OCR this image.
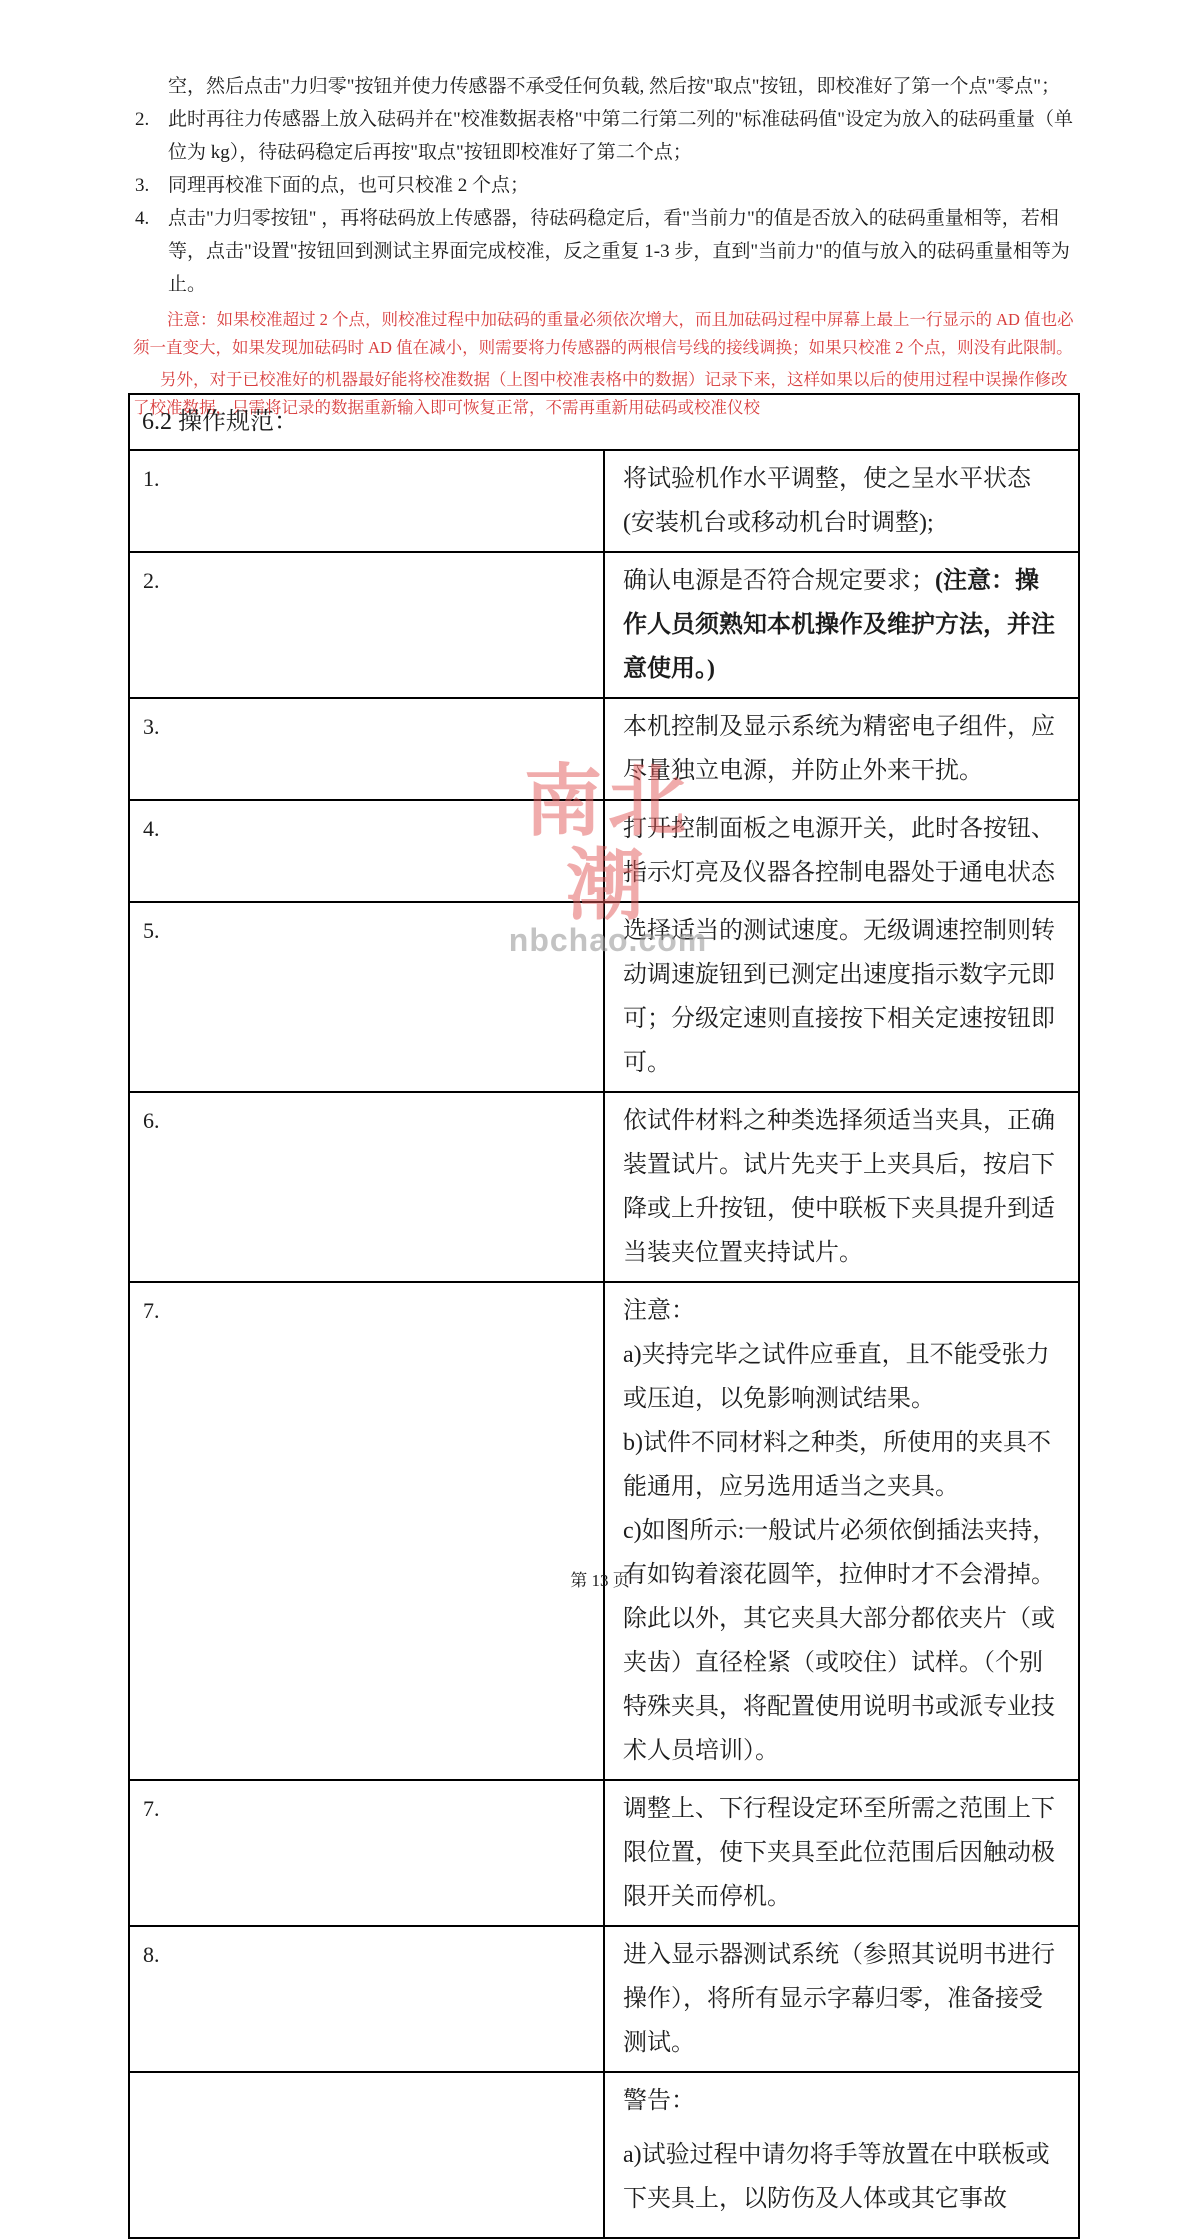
空，然后点击"力归零"按钮并使力传感器不承受任何负载, 然后按"取点"按钮，即校准好了第一个点"零点"；

2. 此时再往力传感器上放入砝码并在"校准数据表格"中第二行第二列的"标准砝码值"设定为放入的砝码重量（单位为 kg），待砝码稳定后再按"取点"按钮即校准好了第二个点；
3. 同理再校准下面的点，也可只校准 2 个点；
4. 点击"力归零按钮" ，再将砝码放上传感器，待砝码稳定后，看"当前力"的值是否放入的砝码重量相等，若相等，点击"设置"按钮回到测试主界面完成校准，反之重复 1-3 步，直到"当前力"的值与放入的砝码重量相等为止。

注意：如果校准超过 2 个点，则校准过程中加砝码的重量必须依次增大，而且加砝码过程中屏幕上最上一行显示的 AD 值也必须一直变大，如果发现加砝码时 AD 值在减小，则需要将力传感器的两根信号线的接线调换；如果只校准 2 个点，则没有此限制。

另外，对于已校准好的机器最好能将校准数据（上图中校准表格中的数据）记录下来，这样如果以后的使用过程中误操作修改了校准数据，只需将记录的数据重新输入即可恢复正常，不需再重新用砝码或校准仪校

6.2 操作规范：	
1.	将试验机作水平调整，使之呈水平状态(安装机台或移动机台时调整);

2.	确认电源是否符合规定要求；(注意：操作人员须熟知本机操作及维护方法，并注意使用。)

3.	本机控制及显示系统为精密电子组件，应尽量独立电源，并防止外来干扰。

4.	打开控制面板之电源开关，此时各按钮、指示灯亮及仪器各控制电器处于通电状态

5.	选择适当的测试速度。无级调速控制则转动调速旋钮到已测定出速度指示数字元即可；分级定速则直接按下相关定速按钮即可。

6.	依试件材料之种类选择须适当夹具，正确装置试片。试片先夹于上夹具后，按启下降或上升按钮，使中联板下夹具提升到适当装夹位置夹持试片。

7.	注意：
a)夹持完毕之试件应垂直，且不能受张力或压迫，以免影响测试结果。
b)试件不同材料之种类，所使用的夹具不能通用，应另选用适当之夹具。
c)如图所示:一般试片必须依倒插法夹持，有如钩着滚花圆竿，拉伸时才不会滑掉。除此以外，其它夹具大部分都依夹片（或夹齿）直径栓紧（或咬住）试样。（个别特殊夹具，将配置使用说明书或派专业技术人员培训）。

7.	调整上、下行程设定环至所需之范围上下限位置，使下夹具至此位范围后因触动极限开关而停机。

8.	进入显示器测试系统（参照其说明书进行操作），将所有显示字幕归零，准备接受测试。

	警告：
a)试验过程中请勿将手等放置在中联板或下夹具上，以防伤及人体或其它事故
南北潮
nbchao.com
第 13 页
